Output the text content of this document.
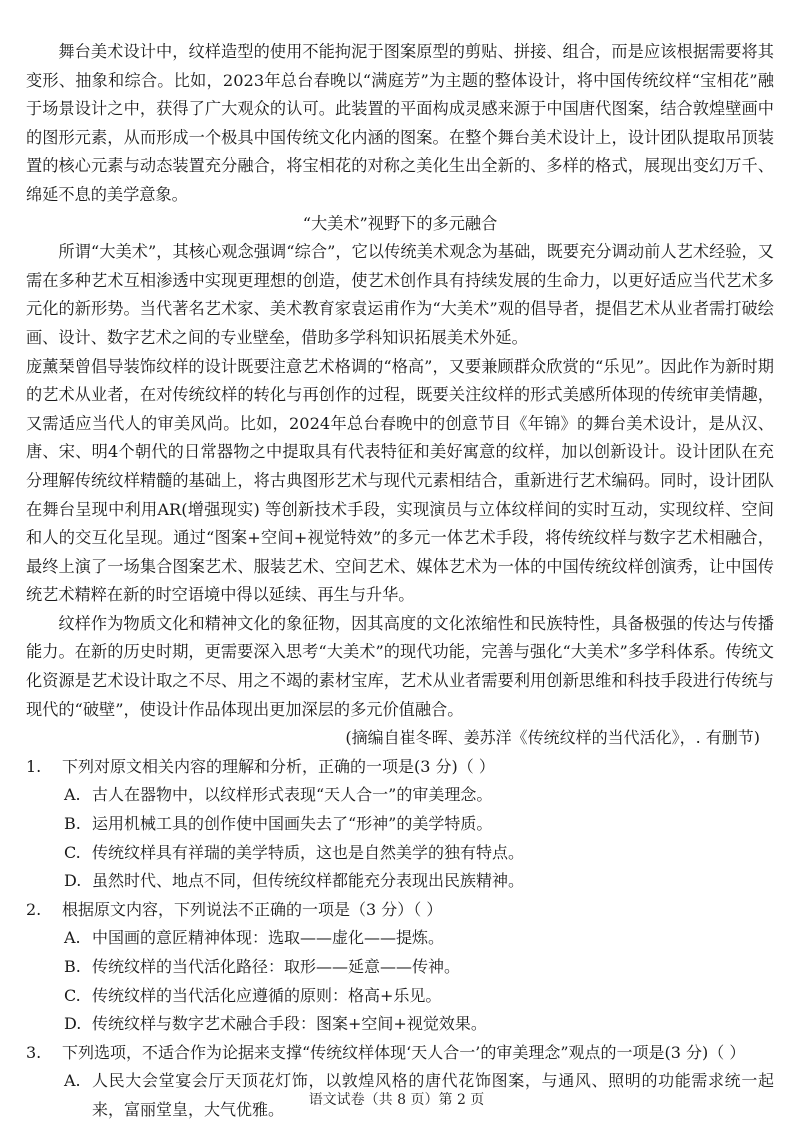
舞台美术设计中，纹样造型的使用不能拘泥于图案原型的剪贴、拼接、组合，而是应该根据需要将其变形、抽象和综合。比如，2023年总台春晚以“满庭芳”为主题的整体设计，将中国传统纹样“宝相花”融于场景设计之中，获得了广大观众的认可。此装置的平面构成灵感来源于中国唐代图案，结合敦煌壁画中的图形元素，从而形成一个极具中国传统文化内涵的图案。在整个舞台美术设计上，设计团队提取吊顶装置的核心元素与动态装置充分融合，将宝相花的对称之美化生出全新的、多样的格式，展现出变幻万千、绵延不息的美学意象。

“大美术”视野下的多元融合

所谓“大美术”，其核心观念强调“综合”，它以传统美术观念为基础，既要充分调动前人艺术经验，又需在多种艺术互相渗透中实现更理想的创造，使艺术创作具有持续发展的生命力，以更好适应当代艺术多元化的新形势。当代著名艺术家、美术教育家袁运甫作为“大美术”观的倡导者，提倡艺术从业者需打破绘画、设计、数字艺术之间的专业壁垒，借助多学科知识拓展美术外延。

庞薰琹曾倡导装饰纹样的设计既要注意艺术格调的“格高”，又要兼顾群众欣赏的“乐见”。因此作为新时期的艺术从业者，在对传统纹样的转化与再创作的过程，既要关注纹样的形式美感所体现的传统审美情趣，又需适应当代人的审美风尚。比如，2024年总台春晚中的创意节目《年锦》的舞台美术设计，是从汉、唐、宋、明4个朝代的日常器物之中提取具有代表特征和美好寓意的纹样，加以创新设计。设计团队在充分理解传统纹样精髓的基础上，将古典图形艺术与现代元素相结合，重新进行艺术编码。同时，设计团队在舞台呈现中利用AR(增强现实) 等创新技术手段，实现演员与立体纹样间的实时互动，实现纹样、空间和人的交互化呈现。通过“图案+空间+视觉特效”的多元一体艺术手段，将传统纹样与数字艺术相融合，最终上演了一场集合图案艺术、服装艺术、空间艺术、媒体艺术为一体的中国传统纹样创演秀，让中国传统艺术精粹在新的时空语境中得以延续、再生与升华。

纹样作为物质文化和精神文化的象征物，因其高度的文化浓缩性和民族特性，具备极强的传达与传播能力。在新的历史时期，更需要深入思考“大美术”的现代功能，完善与强化“大美术”多学科体系。传统文化资源是艺术设计取之不尽、用之不竭的素材宝库，艺术从业者需要利用创新思维和科技手段进行传统与现代的“破壁”，使设计作品体现出更加深层的多元价值融合。

(摘编自崔冬晖、姜苏洋《传统纹样的当代活化》，. 有删节)

1.	下列对原文相关内容的理解和分析，正确的一项是(3 分)（ ）
A. 古人在器物中，以纹样形式表现“天人合一”的审美理念。
B. 运用机械工具的创作使中国画失去了“形神”的美学特质。
C. 传统纹样具有祥瑞的美学特质，这也是自然美学的独有特点。
D. 虽然时代、地点不同，但传统纹样都能充分表现出民族精神。
2.	根据原文内容，下列说法不正确的一项是（3 分）（ ）
A. 中国画的意匠精神体现：选取——虚化——提炼。
B. 传统纹样的当代活化路径：取形——延意——传神。
C. 传统纹样的当代活化应遵循的原则：格高+乐见。
D. 传统纹样与数字艺术融合手段：图案+空间+视觉效果。
3.	下列选项，不适合作为论据来支撑“传统纹样体现‘天人合一’的审美理念”观点的一项是(3 分)（ ）
A. 人民大会堂宴会厅天顶花灯饰，以敦煌风格的唐代花饰图案，与通风、照明的功能需求统一起来，富丽堂皇，大气优雅。	语文试卷（共 8 页）第 2 页
